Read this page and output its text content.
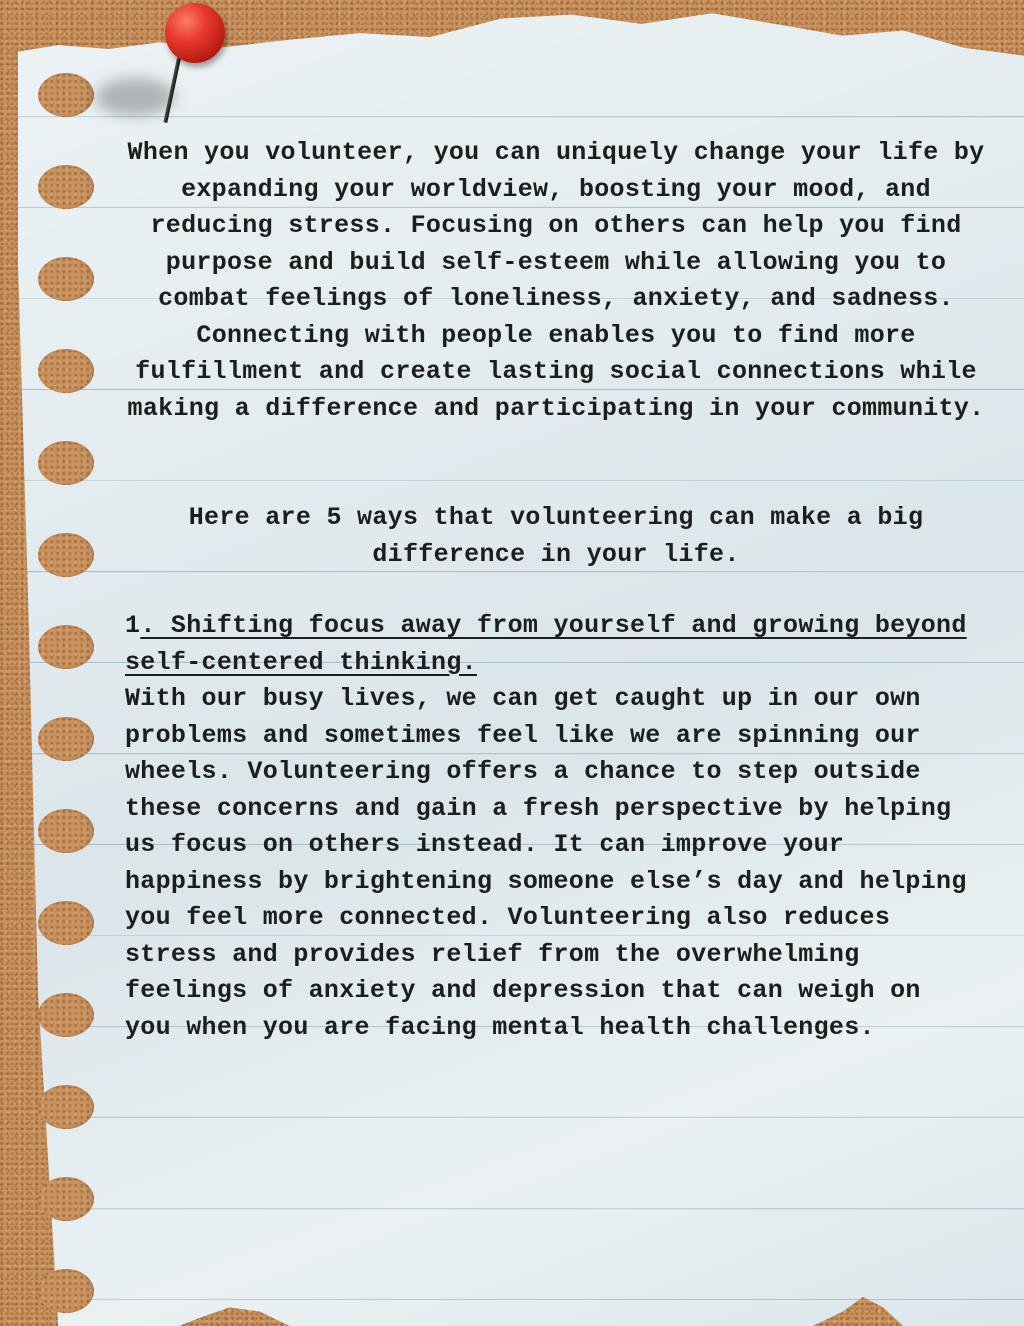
When you volunteer, you can uniquely change your life by expanding your worldview, boosting your mood, and reducing stress. Focusing on others can help you find purpose and build self-esteem while allowing you to combat feelings of loneliness, anxiety, and sadness. Connecting with people enables you to find more fulfillment and create lasting social connections while making a difference and participating in your community.

Here are 5 ways that volunteering can make a big difference in your life.

1. Shifting focus away from yourself and growing beyond self-centered thinking.

With our busy lives, we can get caught up in our own problems and sometimes feel like we are spinning our wheels. Volunteering offers a chance to step outside these concerns and gain a fresh perspective by helping us focus on others instead. It can improve your happiness by brightening someone else’s day and helping you feel more connected. Volunteering also reduces stress and provides relief from the overwhelming feelings of anxiety and depression that can weigh on you when you are facing mental health challenges.
